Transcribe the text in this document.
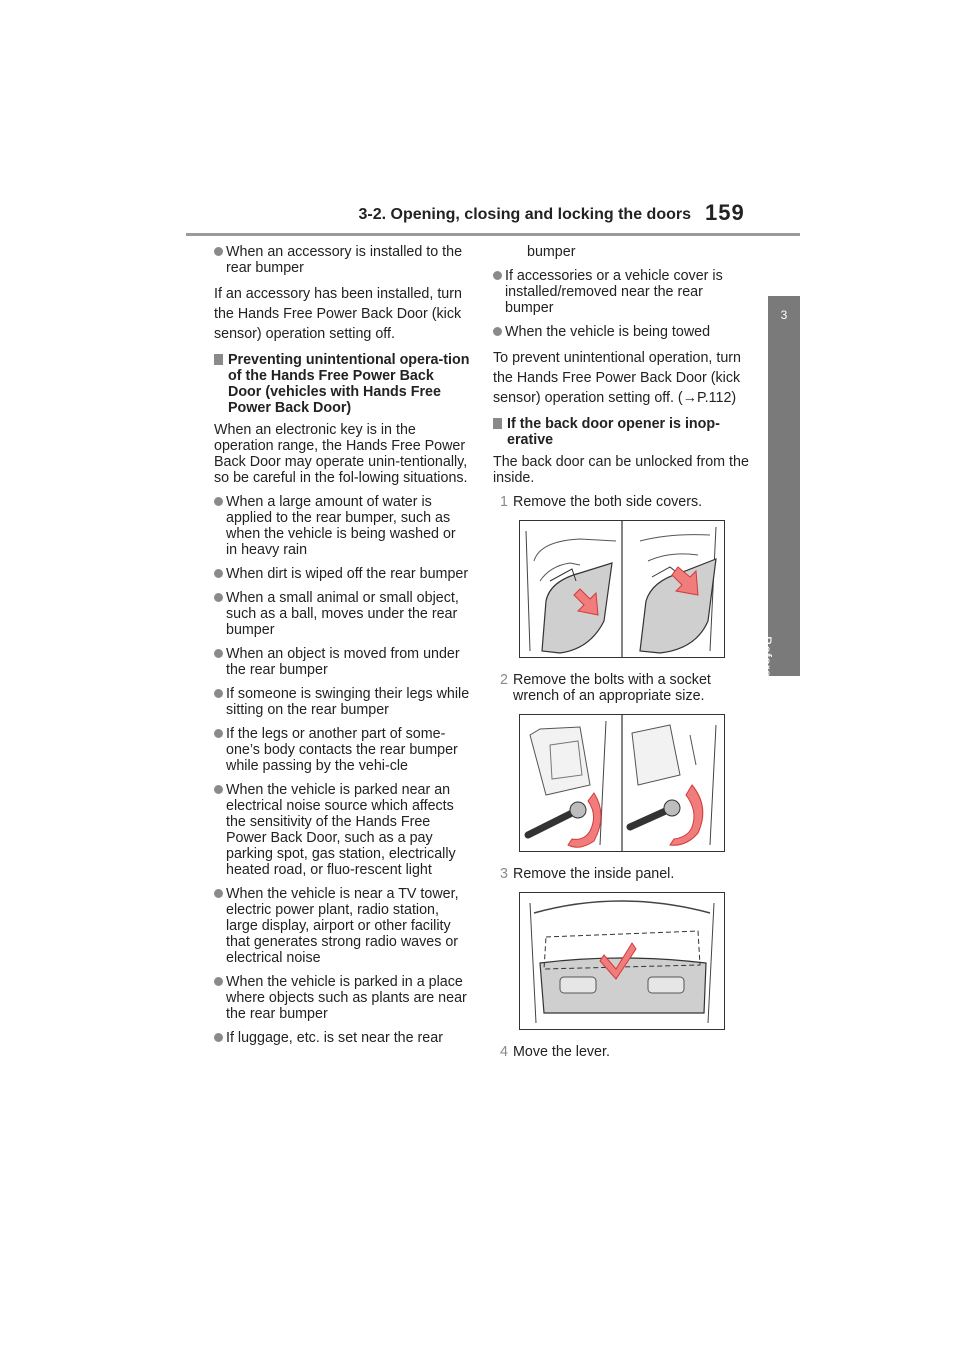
3-2. Opening, closing and locking the doors 159
3
Before driving

When an accessory is installed to the rear bumper

If an accessory has been installed, turn the Hands Free Power Back Door (kick sensor) operation setting off.

Preventing unintentional opera-tion of the Hands Free Power Back Door (vehicles with Hands Free Power Back Door)

When an electronic key is in the operation range, the Hands Free Power Back Door may operate unin-tentionally, so be careful in the fol-lowing situations.

When a large amount of water is applied to the rear bumper, such as when the vehicle is being washed or in heavy rain

When dirt is wiped off the rear bumper

When a small animal or small object, such as a ball, moves under the rear bumper

When an object is moved from under the rear bumper

If someone is swinging their legs while sitting on the rear bumper

If the legs or another part of some-one’s body contacts the rear bumper while passing by the vehi-cle

When the vehicle is parked near an electrical noise source which affects the sensitivity of the Hands Free Power Back Door, such as a pay parking spot, gas station, electrically heated road, or fluo-rescent light

When the vehicle is near a TV tower, electric power plant, radio station, large display, airport or other facility that generates strong radio waves or electrical noise

When the vehicle is parked in a place where objects such as plants are near the rear bumper

If luggage, etc. is set near the rear

bumper

If accessories or a vehicle cover is installed/removed near the rear bumper

When the vehicle is being towed

To prevent unintentional operation, turn the Hands Free Power Back Door (kick sensor) operation setting off. (→P.112)

If the back door opener is inop-erative

The back door can be unlocked from the inside.

1 Remove the both side covers.
2 Remove the bolts with a socket wrench of an appropriate size.
3 Remove the inside panel.
4 Move the lever.
